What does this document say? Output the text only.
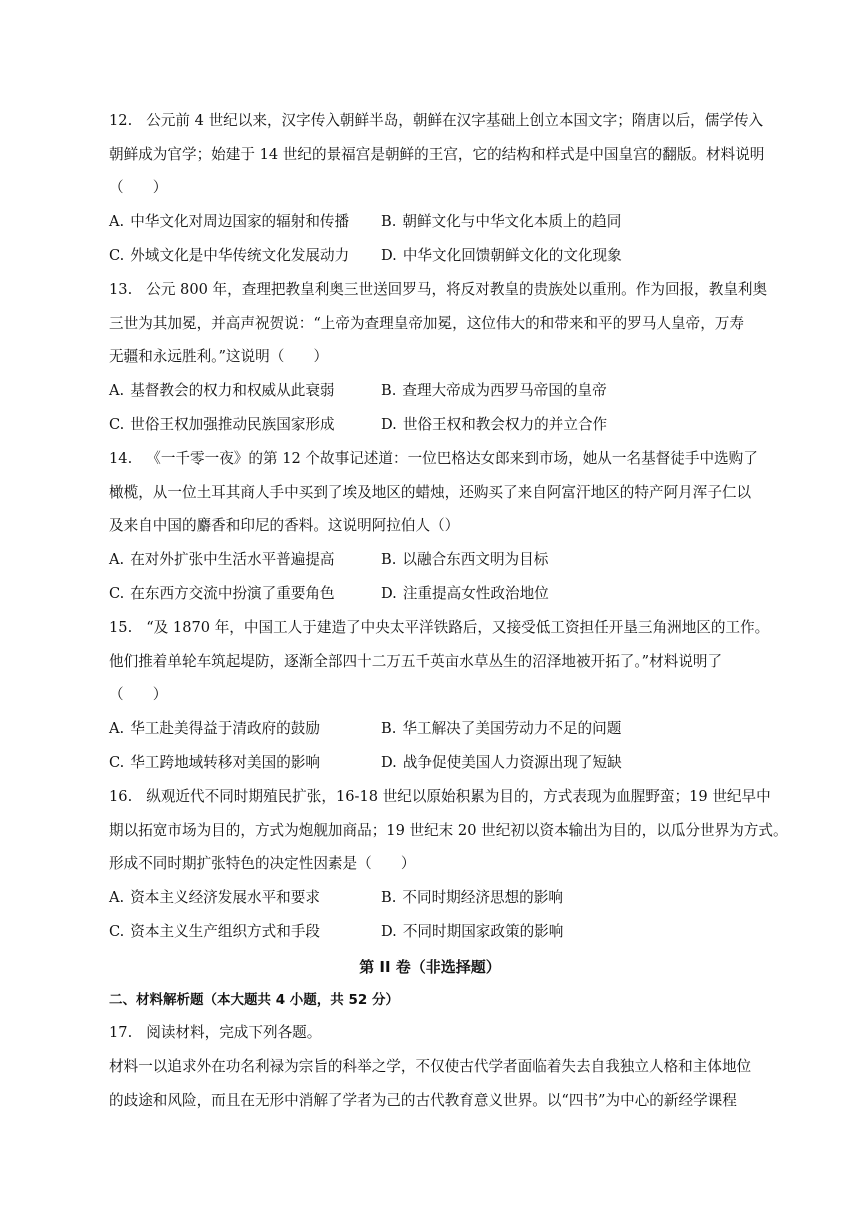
12. 公元前 4 世纪以来，汉字传入朝鲜半岛，朝鲜在汉字基础上创立本国文字；隋唐以后，儒学传入
朝鲜成为官学；始建于 14 世纪的景福宫是朝鲜的王宫，它的结构和样式是中国皇宫的翻版。材料说明
（　　）
A. 中华文化对周边国家的辐射和传播 B. 朝鲜文化与中华文化本质上的趋同
C. 外域文化是中华传统文化发展动力 D. 中华文化回馈朝鲜文化的文化现象
13. 公元 800 年，查理把教皇利奥三世送回罗马，将反对教皇的贵族处以重刑。作为回报，教皇利奥
三世为其加冕，并高声祝贺说：“上帝为查理皇帝加冕，这位伟大的和带来和平的罗马人皇帝，万寿
无疆和永远胜利。”这说明（　　）
A. 基督教会的权力和权威从此衰弱	B. 查理大帝成为西罗马帝国的皇帝
C. 世俗王权加强推动民族国家形成	D. 世俗王权和教会权力的并立合作
14. 《一千零一夜》的第 12 个故事记述道：一位巴格达女郎来到市场，她从一名基督徒手中选购了
橄榄，从一位土耳其商人手中买到了埃及地区的蜡烛，还购买了来自阿富汗地区的特产阿月浑子仁以
及来自中国的麝香和印尼的香料。这说明阿拉伯人（）
A. 在对外扩张中生活水平普遍提高	B. 以融合东西文明为目标
C. 在东西方交流中扮演了重要角色	D. 注重提高女性政治地位
15. “及 1870 年，中国工人于建造了中央太平洋铁路后，又接受低工资担任开垦三角洲地区的工作。
他们推着单轮车筑起堤防，逐渐全部四十二万五千英亩水草丛生的沼泽地被开拓了。”材料说明了
（　　）
A. 华工赴美得益于清政府的鼓励	B. 华工解决了美国劳动力不足的问题
C. 华工跨地域转移对美国的影响	D. 战争促使美国人力资源出现了短缺
16. 纵观近代不同时期殖民扩张，16-18 世纪以原始积累为目的，方式表现为血腥野蛮；19 世纪早中
期以拓宽市场为目的，方式为炮舰加商品；19 世纪末 20 世纪初以资本输出为目的，以瓜分世界为方式。
形成不同时期扩张特色的决定性因素是（　　）
A. 资本主义经济发展水平和要求	B. 不同时期经济思想的影响
C. 资本主义生产组织方式和手段	D. 不同时期国家政策的影响
第 II 卷（非选择题）
二、材料解析题（本大题共 4 小题，共 52 分）
17. 阅读材料，完成下列各题。
材料一以追求外在功名利禄为宗旨的科举之学，不仅使古代学者面临着失去自我独立人格和主体地位
的歧途和风险，而且在无形中消解了学者为己的古代教育意义世界。以“四书”为中心的新经学课程
